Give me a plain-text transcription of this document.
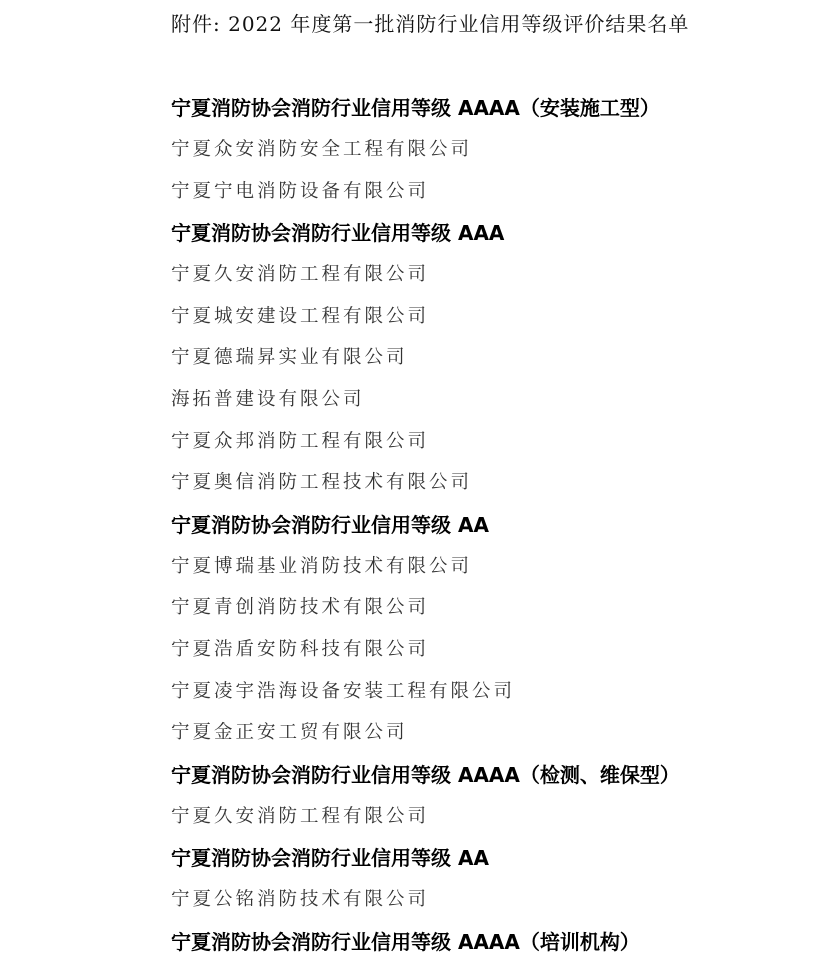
附件: 2022 年度第一批消防行业信用等级评价结果名单
宁夏消防协会消防行业信用等级 AAAA（安装施工型）
宁夏众安消防安全工程有限公司
宁夏宁电消防设备有限公司
宁夏消防协会消防行业信用等级 AAA
宁夏久安消防工程有限公司
宁夏城安建设工程有限公司
宁夏德瑞昇实业有限公司
海拓普建设有限公司
宁夏众邦消防工程有限公司
宁夏奥信消防工程技术有限公司
宁夏消防协会消防行业信用等级 AA
宁夏博瑞基业消防技术有限公司
宁夏青创消防技术有限公司
宁夏浩盾安防科技有限公司
宁夏凌宇浩海设备安装工程有限公司
宁夏金正安工贸有限公司
宁夏消防协会消防行业信用等级 AAAA（检测、维保型）
宁夏久安消防工程有限公司
宁夏消防协会消防行业信用等级 AA
宁夏公铭消防技术有限公司
宁夏消防协会消防行业信用等级 AAAA（培训机构）
